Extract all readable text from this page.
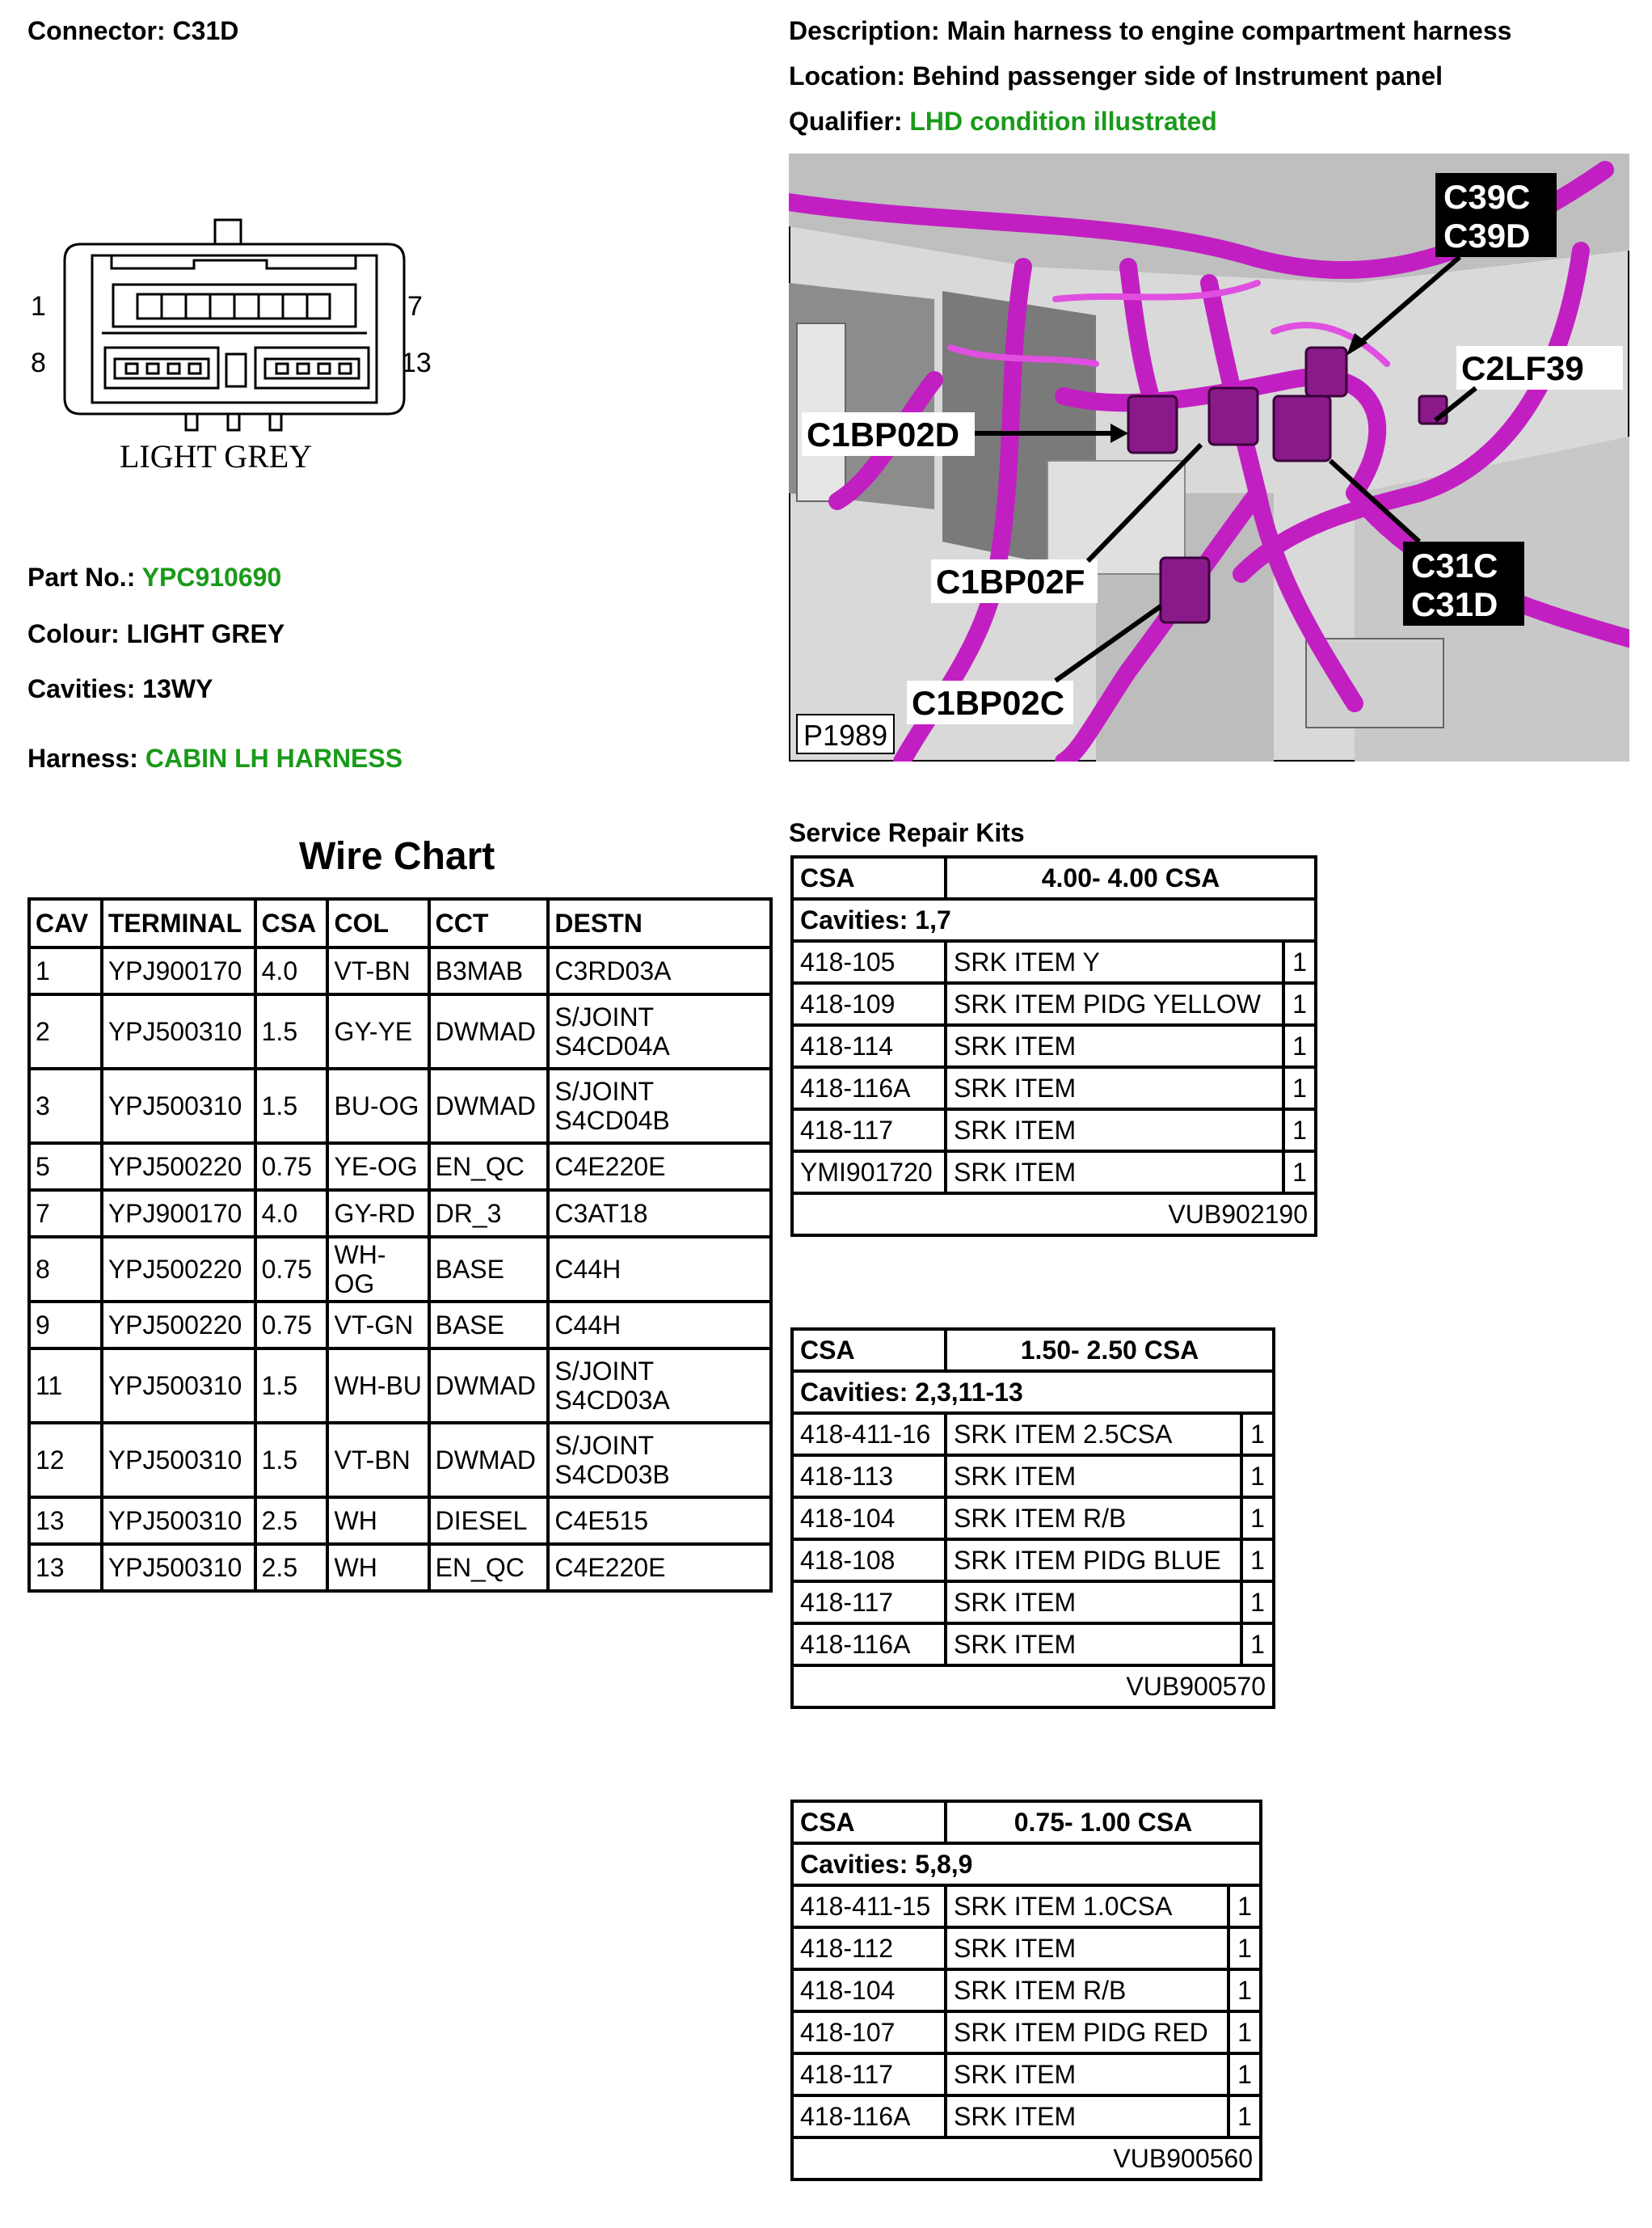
Connector: C31D	Description: Main harness to engine compartment harness
Location: Behind passenger side of Instrument panel
Qualifier: LHD condition illustrated
1	7
8	13
LIGHT GREY
Part No.: YPC910690
Colour: LIGHT GREY
Cavities: 13WY
Harness: CABIN LH HARNESS
C39C
C39D
C2LF39
C1BP02D
C1BP02F	C31C
C31D
C1BP02C
P1989
Wire Chart
CAV	TERMINAL	CSA	COL	CCT	DESTN
1	YPJ900170	4.0	VT-BN	B3MAB	C3RD03A
2	YPJ500310	1.5	GY-YE	DWMAD	S/JOINT S4CD04A
3	YPJ500310	1.5	BU-OG	DWMAD	S/JOINT S4CD04B
5	YPJ500220	0.75	YE-OG	EN_QC	C4E220E
7	YPJ900170	4.0	GY-RD	DR_3	C3AT18
8	YPJ500220	0.75	WH-OG	BASE	C44H
9	YPJ500220	0.75	VT-GN	BASE	C44H
11	YPJ500310	1.5	WH-BU	DWMAD	S/JOINT S4CD03A
12	YPJ500310	1.5	VT-BN	DWMAD	S/JOINT S4CD03B
13	YPJ500310	2.5	WH	DIESEL	C4E515
13	YPJ500310	2.5	WH	EN_QC	C4E220E
Service Repair Kits
CSA	4.00- 4.00 CSA	
Cavities: 1,7		
418-105	SRK ITEM Y	1
418-109	SRK ITEM PIDG YELLOW	1
418-114	SRK ITEM	1
418-116A	SRK ITEM	1
418-117	SRK ITEM	1
YMI901720	SRK ITEM	1
VUB902190		
CSA	1.50- 2.50 CSA	
Cavities: 2,3,11-13		
418-411-16	SRK ITEM 2.5CSA	1
418-113	SRK ITEM	1
418-104	SRK ITEM R/B	1
418-108	SRK ITEM PIDG BLUE	1
418-117	SRK ITEM	1
418-116A	SRK ITEM	1
VUB900570		
CSA	0.75- 1.00 CSA	
Cavities: 5,8,9		
418-411-15	SRK ITEM 1.0CSA	1
418-112	SRK ITEM	1
418-104	SRK ITEM R/B	1
418-107	SRK ITEM PIDG RED	1
418-117	SRK ITEM	1
418-116A	SRK ITEM	1
VUB900560		
